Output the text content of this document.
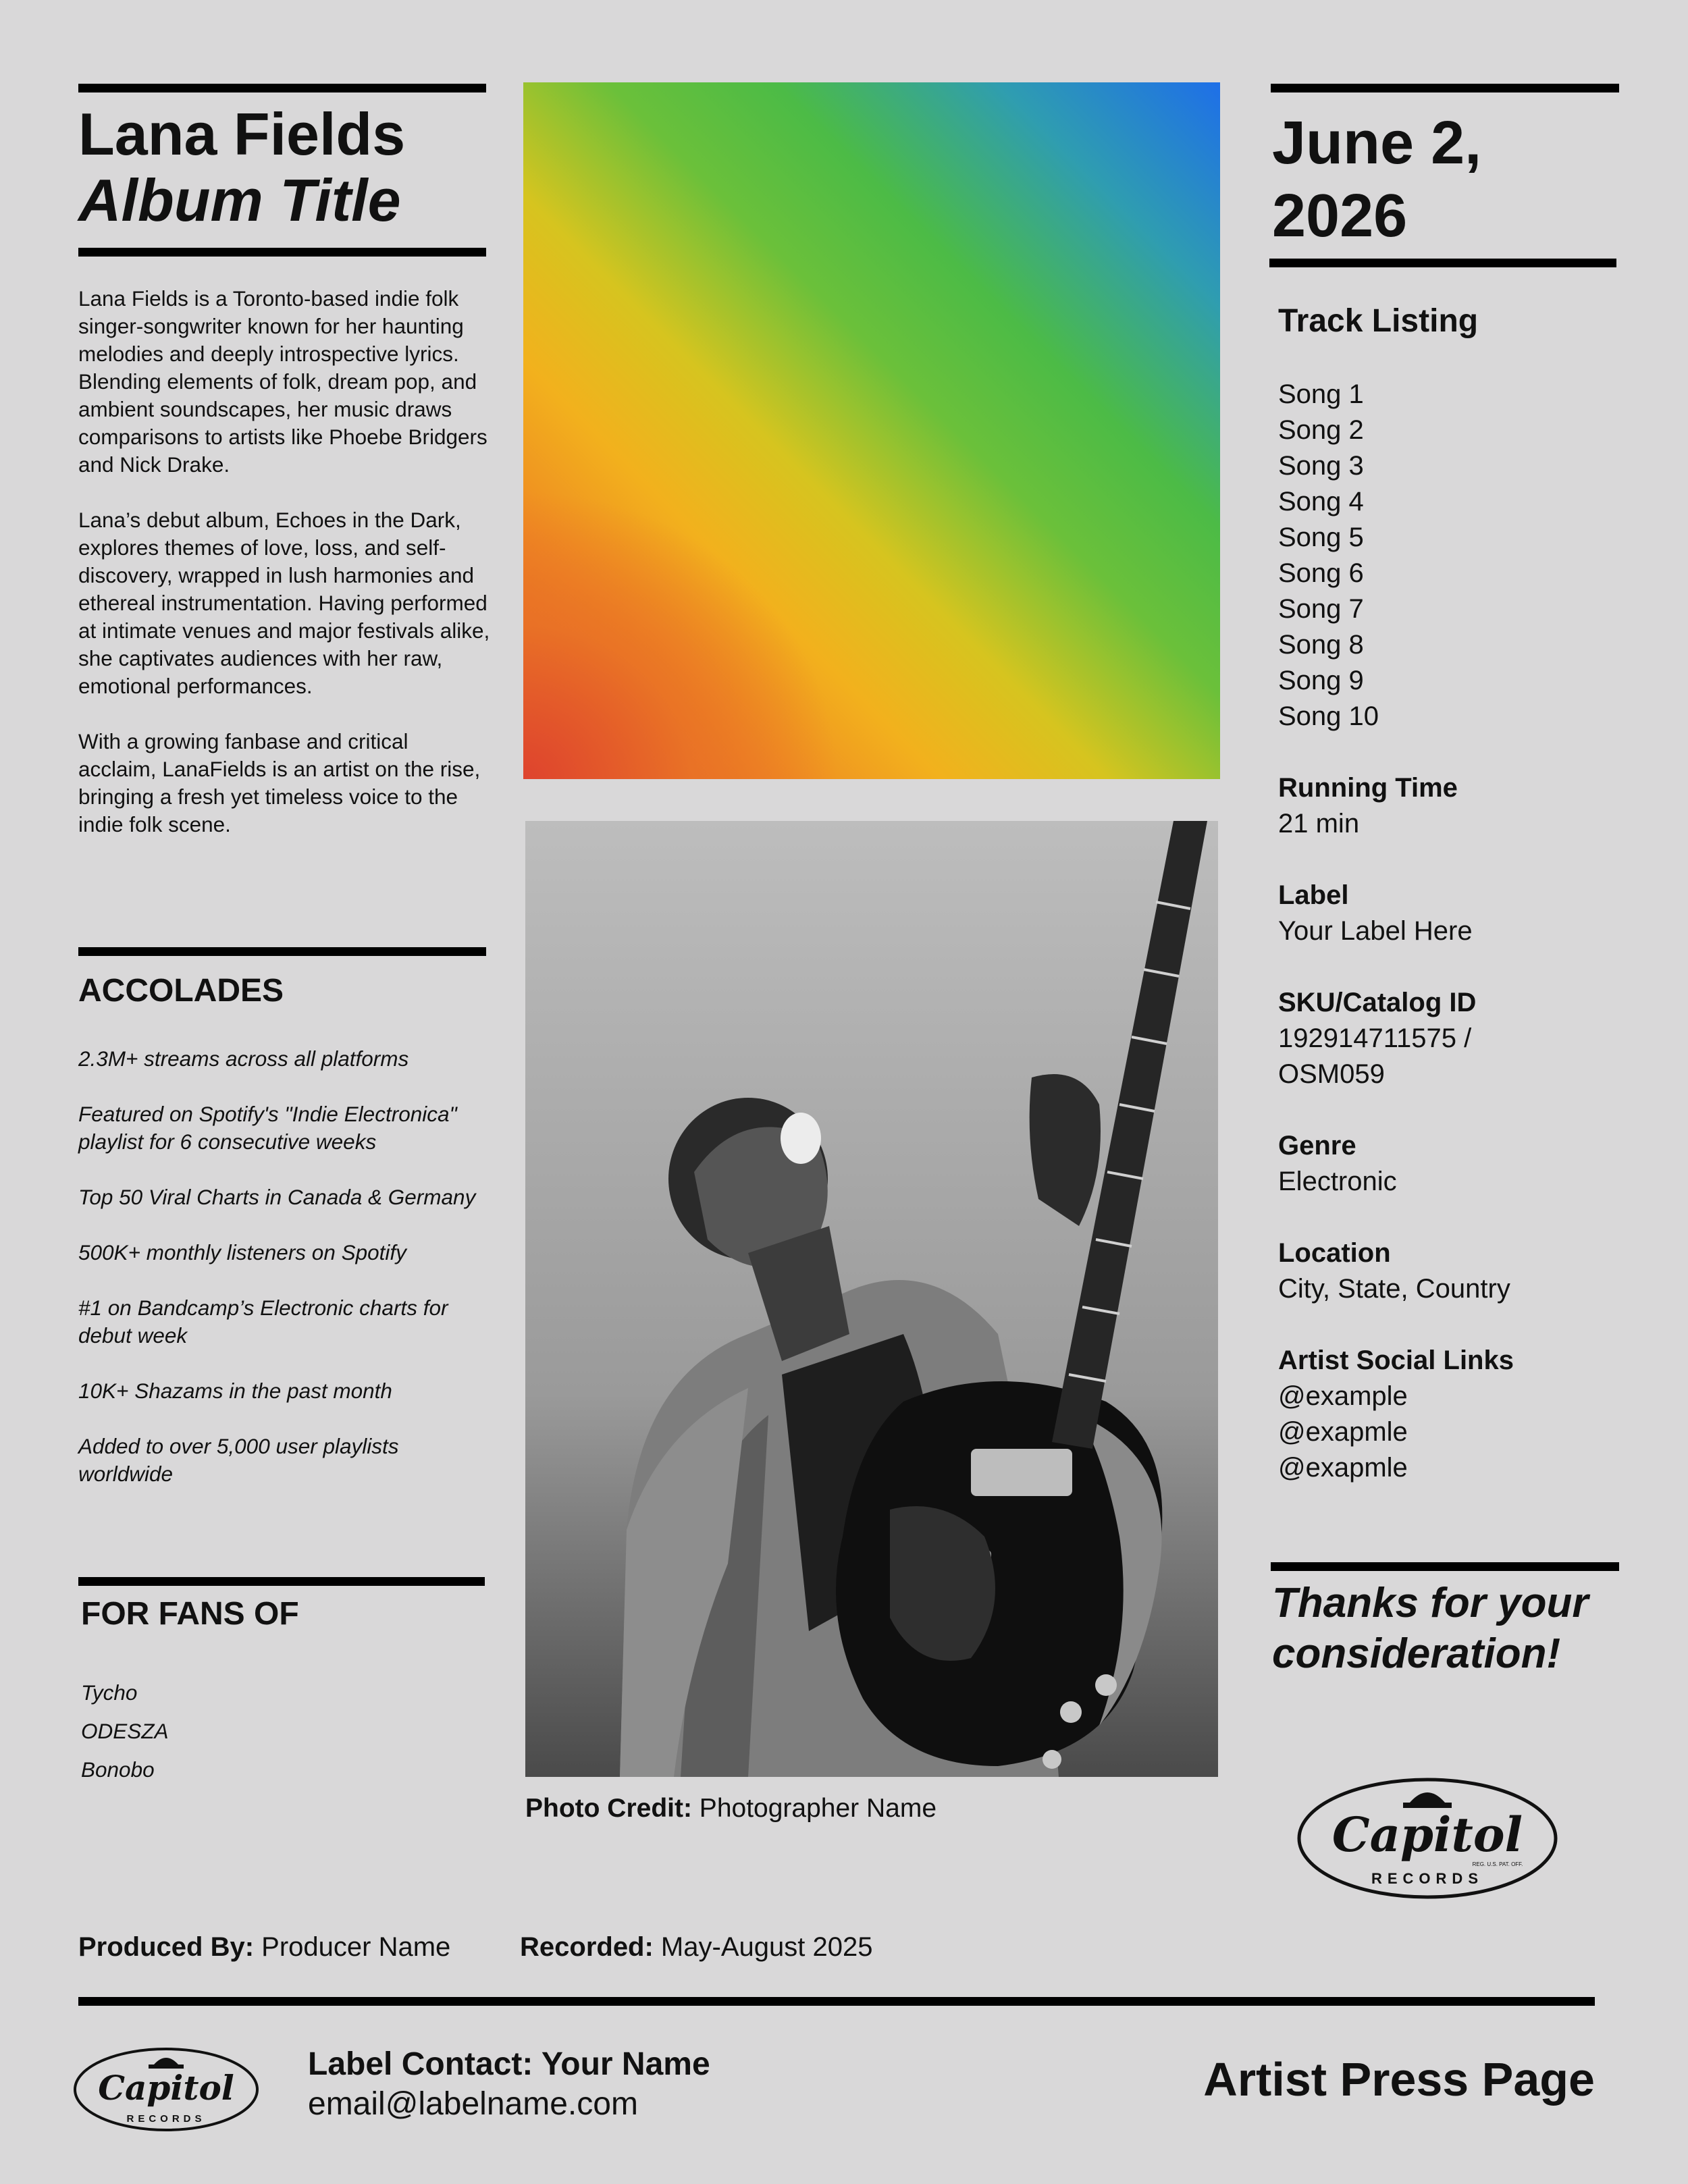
Lana Fields
Album Title

Lana Fields is a Toronto-based indie folk singer-songwriter known for her haunting melodies and deeply introspective lyrics. Blending elements of folk, dream pop, and ambient soundscapes, her music draws comparisons to artists like Phoebe Bridgers and Nick Drake.

Lana’s debut album, Echoes in the Dark, explores themes of love, loss, and self-discovery, wrapped in lush harmonies and ethereal instrumentation. Having performed at intimate venues and major festivals alike, she captivates audiences with her raw, emotional performances.

With a growing fanbase and critical acclaim, LanaFields is an artist on the rise, bringing a fresh yet timeless voice to the indie folk scene.

ACCOLADES
2.3M+ streams across all platforms
Featured on Spotify's "Indie Electronica" playlist for 6 consecutive weeks
Top 50 Viral Charts in Canada & Germany
500K+ monthly listeners on Spotify
#1 on Bandcamp’s Electronic charts for debut week
10K+ Shazams in the past month
Added to over 5,000 user playlists worldwide
FOR FANS OF
Tycho
ODESZA
Bonobo
Photo Credit: Photographer Name
June 2, 2026
Track Listing
Song 1
Song 2
Song 3
Song 4
Song 5
Song 6
Song 7
Song 8
Song 9
Song 10
Running Time
21 min
Label
Your Label Here
SKU/Catalog ID
192914711575 /
OSM059
Genre
Electronic
Location
City, State, Country
Artist Social Links
@example
@exapmle
@exapmle
Thanks for your consideration!
Capitol
RECORDS
REG. U.S. PAT. OFF.
Produced By: Producer Name	Recorded: May-August 2025
Capitol
RECORDS
Label Contact: Your Name
email@labelname.com	Artist Press Page
